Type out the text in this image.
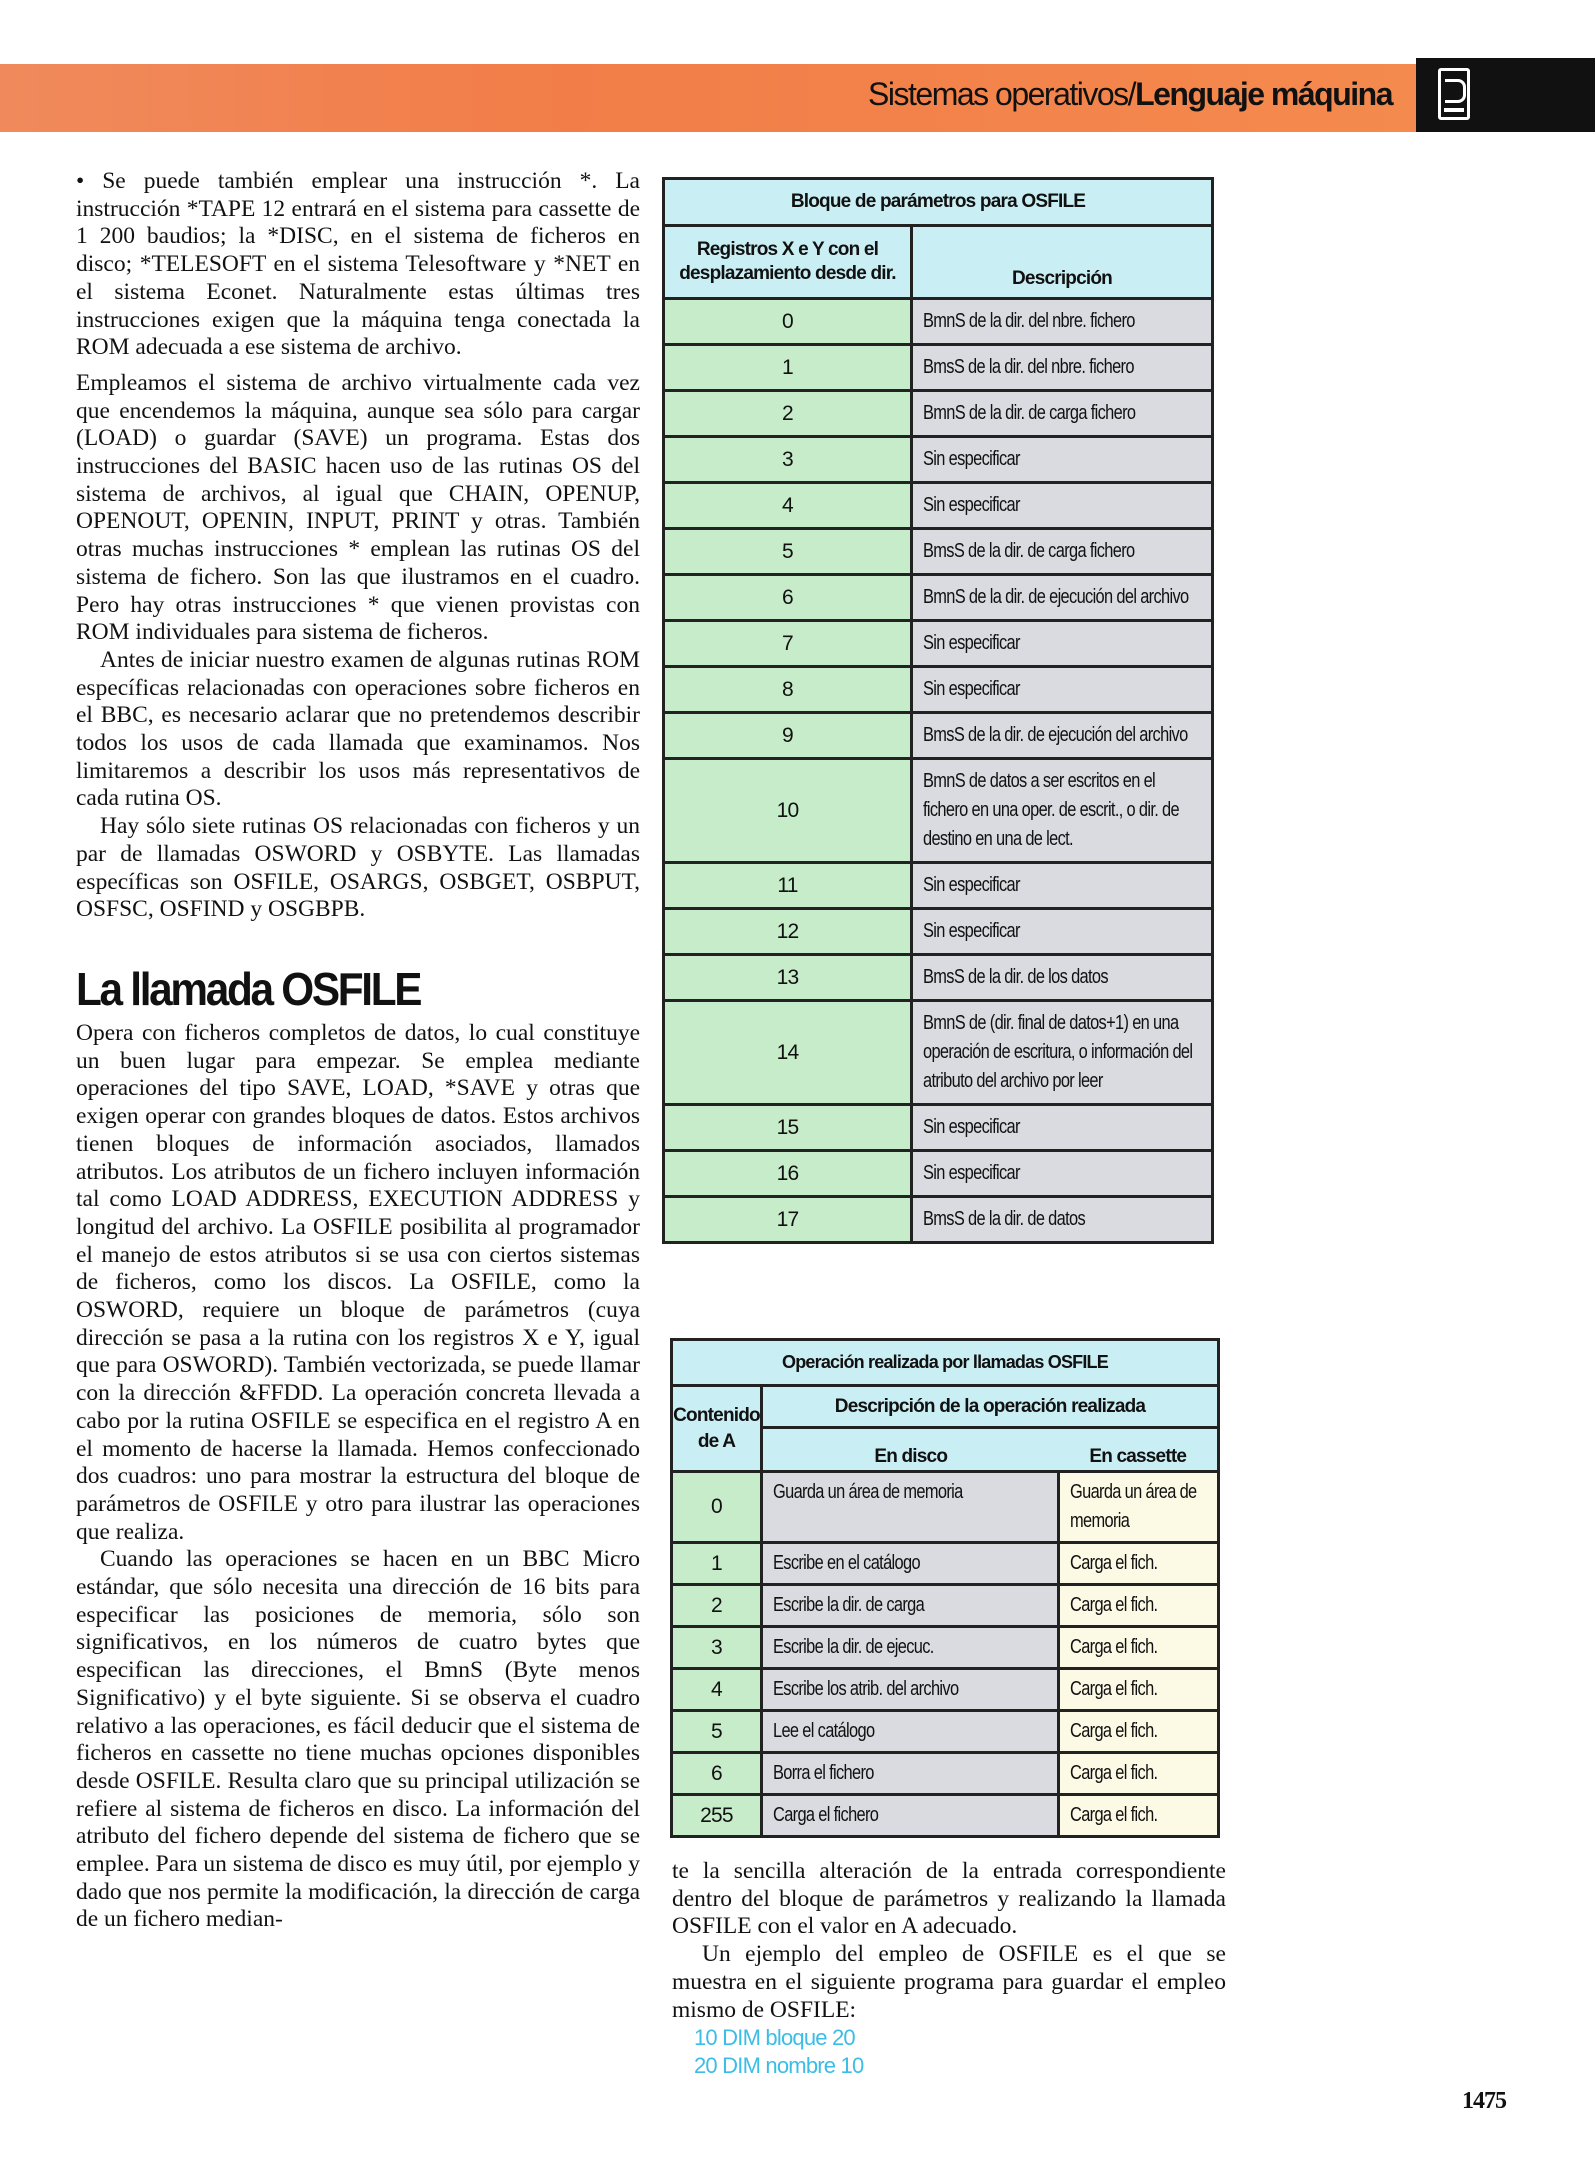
Sistemas operativos/Lenguaje máquina

• Se puede también emplear una instrucción *. La instrucción *TAPE 12 entrará en el sistema para cassette de 1 200 baudios; la *DISC, en el sistema de ficheros en disco; *TELESOFT en el sistema Telesoftware y *NET en el sistema Econet. Naturalmente estas últimas tres instrucciones exigen que la máquina tenga conectada la ROM adecuada a ese sistema de archivo.

Empleamos el sistema de archivo virtualmente cada vez que encendemos la máquina, aunque sea sólo para cargar (LOAD) o guardar (SAVE) un programa. Estas dos instrucciones del BASIC hacen uso de las rutinas OS del sistema de archivos, al igual que CHAIN, OPENUP, OPENOUT, OPENIN, INPUT, PRINT y otras. También otras muchas instrucciones * emplean las rutinas OS del sistema de fichero. Son las que ilustramos en el cuadro. Pero hay otras instrucciones * que vienen provistas con ROM individuales para sistema de ficheros.

Antes de iniciar nuestro examen de algunas rutinas ROM específicas relacionadas con operaciones sobre ficheros en el BBC, es necesario aclarar que no pretendemos describir todos los usos de cada llamada que examinamos. Nos limitaremos a describir los usos más representativos de cada rutina OS.

Hay sólo siete rutinas OS relacionadas con ficheros y un par de llamadas OSWORD y OSBYTE. Las llamadas específicas son OSFILE, OSARGS, OSBGET, OSBPUT, OSFSC, OSFIND y OSGBPB.

La llamada OSFILE

Opera con ficheros completos de datos, lo cual constituye un buen lugar para empezar. Se emplea mediante operaciones del tipo SAVE, LOAD, *SAVE y otras que exigen operar con grandes bloques de datos. Estos archivos tienen bloques de información asociados, llamados atributos. Los atributos de un fichero incluyen información tal como LOAD ADDRESS, EXECUTION ADDRESS y longitud del archivo. La OSFILE posibilita al programador el manejo de estos atributos si se usa con ciertos sistemas de ficheros, como los discos. La OSFILE, como la OSWORD, requiere un bloque de parámetros (cuya dirección se pasa a la rutina con los registros X e Y, igual que para OSWORD). También vectorizada, se puede llamar con la dirección &FFDD. La operación concreta llevada a cabo por la rutina OSFILE se especifica en el registro A en el momento de hacerse la llamada. Hemos confeccionado dos cuadros: uno para mostrar la estructura del bloque de parámetros de OSFILE y otro para ilustrar las operaciones que realiza.

Cuando las operaciones se hacen en un BBC Micro estándar, que sólo necesita una dirección de 16 bits para especificar las posiciones de memoria, sólo son significativos, en los números de cuatro bytes que especifican las direcciones, el BmnS (Byte menos Significativo) y el byte siguiente. Si se observa el cuadro relativo a las operaciones, es fácil deducir que el sistema de ficheros en cassette no tiene muchas opciones disponibles desde OSFILE. Resulta claro que su principal utilización se refiere al sistema de ficheros en disco. La información del atributo del fichero depende del sistema de fichero que se emplee. Para un sistema de disco es muy útil, por ejemplo y dado que nos permite la modificación, la dirección de carga de un fichero median-

Bloque de parámetros para OSFILE	
Registros X e Y con el desplazamiento desde dir.	Descripción
0	BmnS de la dir. del nbre. fichero

1	BmsS de la dir. del nbre. fichero

2	BmnS de la dir. de carga fichero

3	Sin especificar

4	Sin especificar

5	BmsS de la dir. de carga fichero

6	BmnS de la dir. de ejecución del archivo

7	Sin especificar

8	Sin especificar

9	BmsS de la dir. de ejecución del archivo

10	BmnS de datos a ser escritos en el fichero en una oper. de escrit., o dir. de destino en una de lect.

11	Sin especificar

12	Sin especificar

13	BmsS de la dir. de los datos

14	BmnS de (dir. final de datos+1) en una operación de escritura, o información del atributo del archivo por leer

15	Sin especificar

16	Sin especificar

17	BmsS de la dir. de datos
Operación realizada por llamadas OSFILE		
Contenido de A	Descripción de la operación realizada	
	En disco	En cassette
0	Guarda un área de memoria	Guarda un área de memoria

1	Escribe en el catálogo	Carga el fich.

2	Escribe la dir. de carga	Carga el fich.

3	Escribe la dir. de ejecuc.	Carga el fich.

4	Escribe los atrib. del archivo	Carga el fich.

5	Lee el catálogo	Carga el fich.

6	Borra el fichero	Carga el fich.

255	Carga el fichero	Carga el fich.

te la sencilla alteración de la entrada correspondiente dentro del bloque de parámetros y realizando la llamada OSFILE con el valor en A adecuado.

Un ejemplo del empleo de OSFILE es el que se muestra en el siguiente programa para guardar el empleo mismo de OSFILE:

10 DIM bloque 20
20 DIM nombre 10
1475
